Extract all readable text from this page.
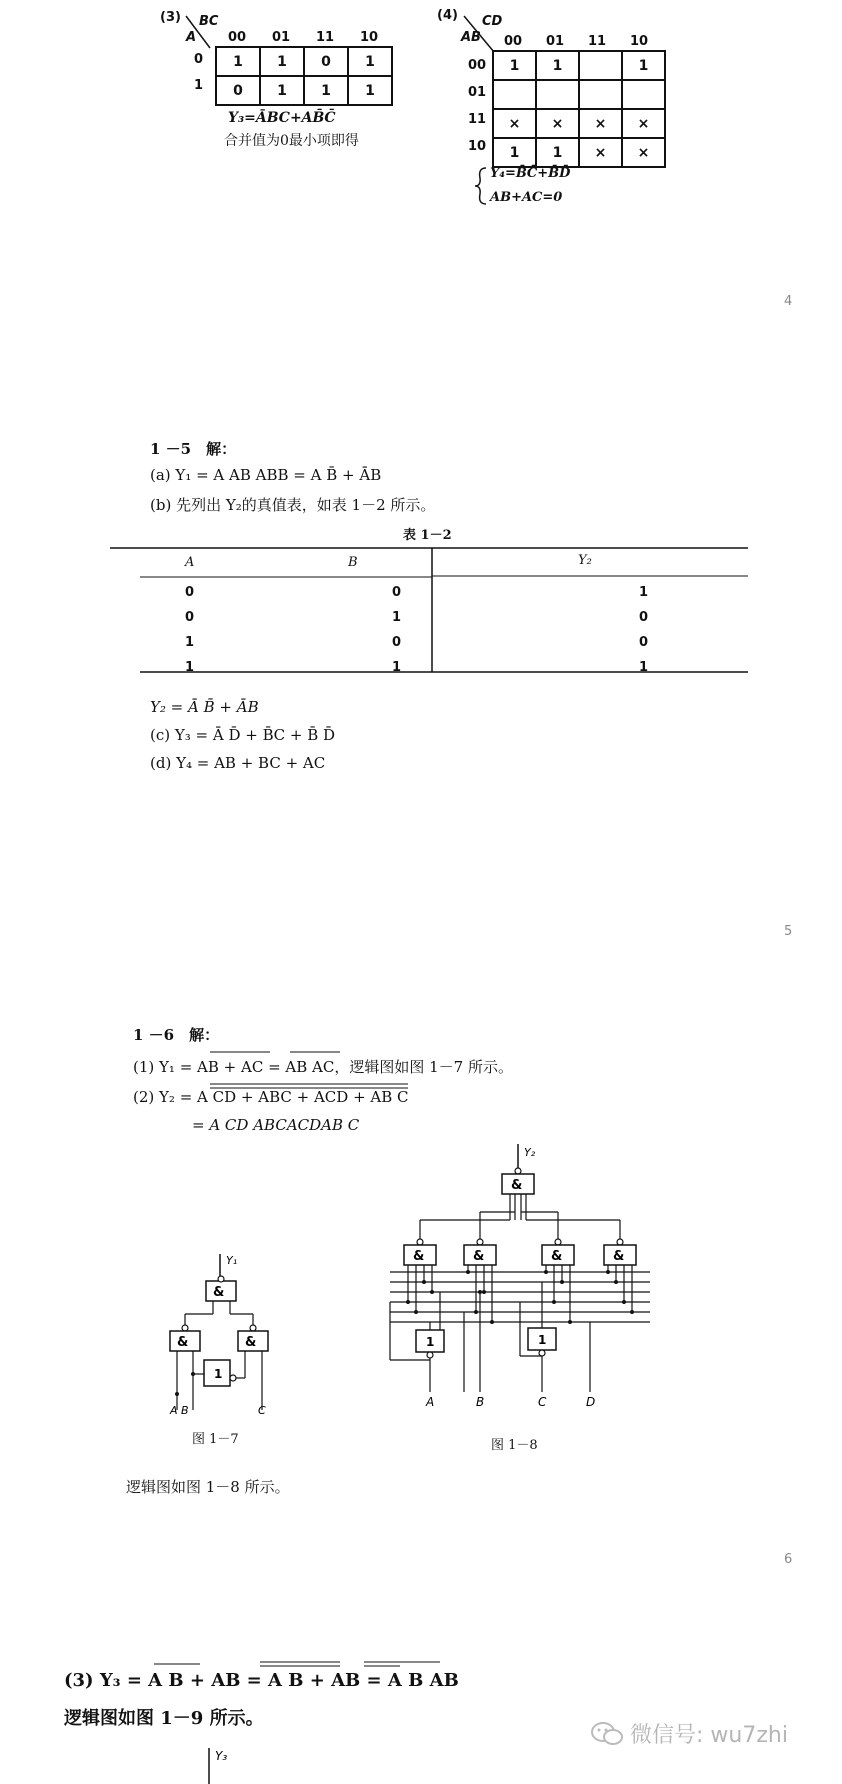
(3) BC
A 00 01 11 10
0
1
1	1	0	1
0	1	1	1
Y₃=ĀBC+AB̄C̄
合并值为0最小项即得
(4) CD
AB 00 01 11 10
00
01
11
10
1	1		1

×	×	×	×
1	1	×	×
Y₄=B̄C̄+B̄D̄
AB+AC=0
4
1 －5　解：
(a) Y₁ = A AB ABB = A B̄ + ĀB
(b) 先列出 Y₂的真值表，如表 1－2 所示。
表 1－2
A	B	Y₂
0	0	1
0	1	0
1	0	0
1	1	1
Y₂ = Ā B̄ + ĀB
(c) Y₃ = Ā D̄ + B̄C + B̄ D̄
(d) Y₄ = AB + BC + AC
5
1 －6　解：
(1) Y₁ = AB + AC = AB AC，逻辑图如图 1－7 所示。
(2) Y₂ = A CD + ABC + ACD + AB C
= A CD ABCACDAB C
Y₁
&
&	&
1
A B	C
图 1－7
Y₂
&
&	&	&	&
1	1
A	B	C	D
图 1－8
逻辑图如图 1－8 所示。
6
(3) Y₃ = A B + AB = A B + AB = A B AB
逻辑图如图 1－9 所示。
Y₃
微信号: wu7zhi
